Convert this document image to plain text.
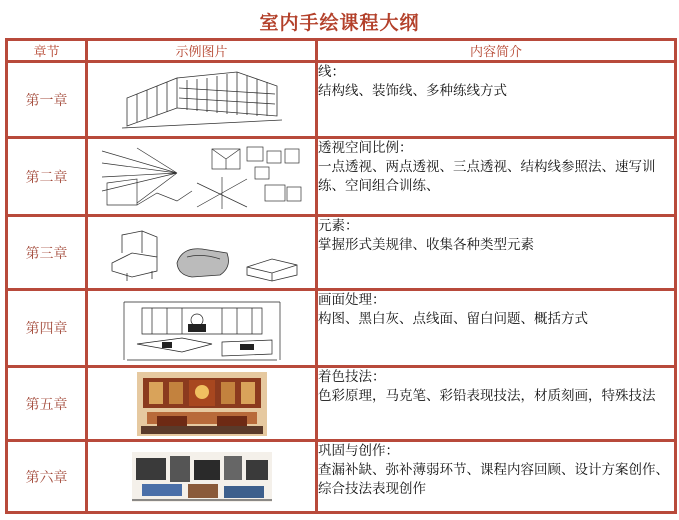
室内手绘课程大纲
章节	示例图片	内容简介
第一章		线：
结构线、装饰线、多种练线方式

第二章		透视空间比例：
一点透视、两点透视、三点透视、结构线参照法、速写训练、空间组合训练、

第三章		元素：
掌握形式美规律、收集各种类型元素

第四章		画面处理：
构图、黑白灰、点线面、留白问题、概括方式

第五章		着色技法：
色彩原理，马克笔、彩铅表现技法，材质刻画，特殊技法

第六章		巩固与创作：
查漏补缺、弥补薄弱环节、课程内容回顾、设计方案创作、综合技法表现创作
